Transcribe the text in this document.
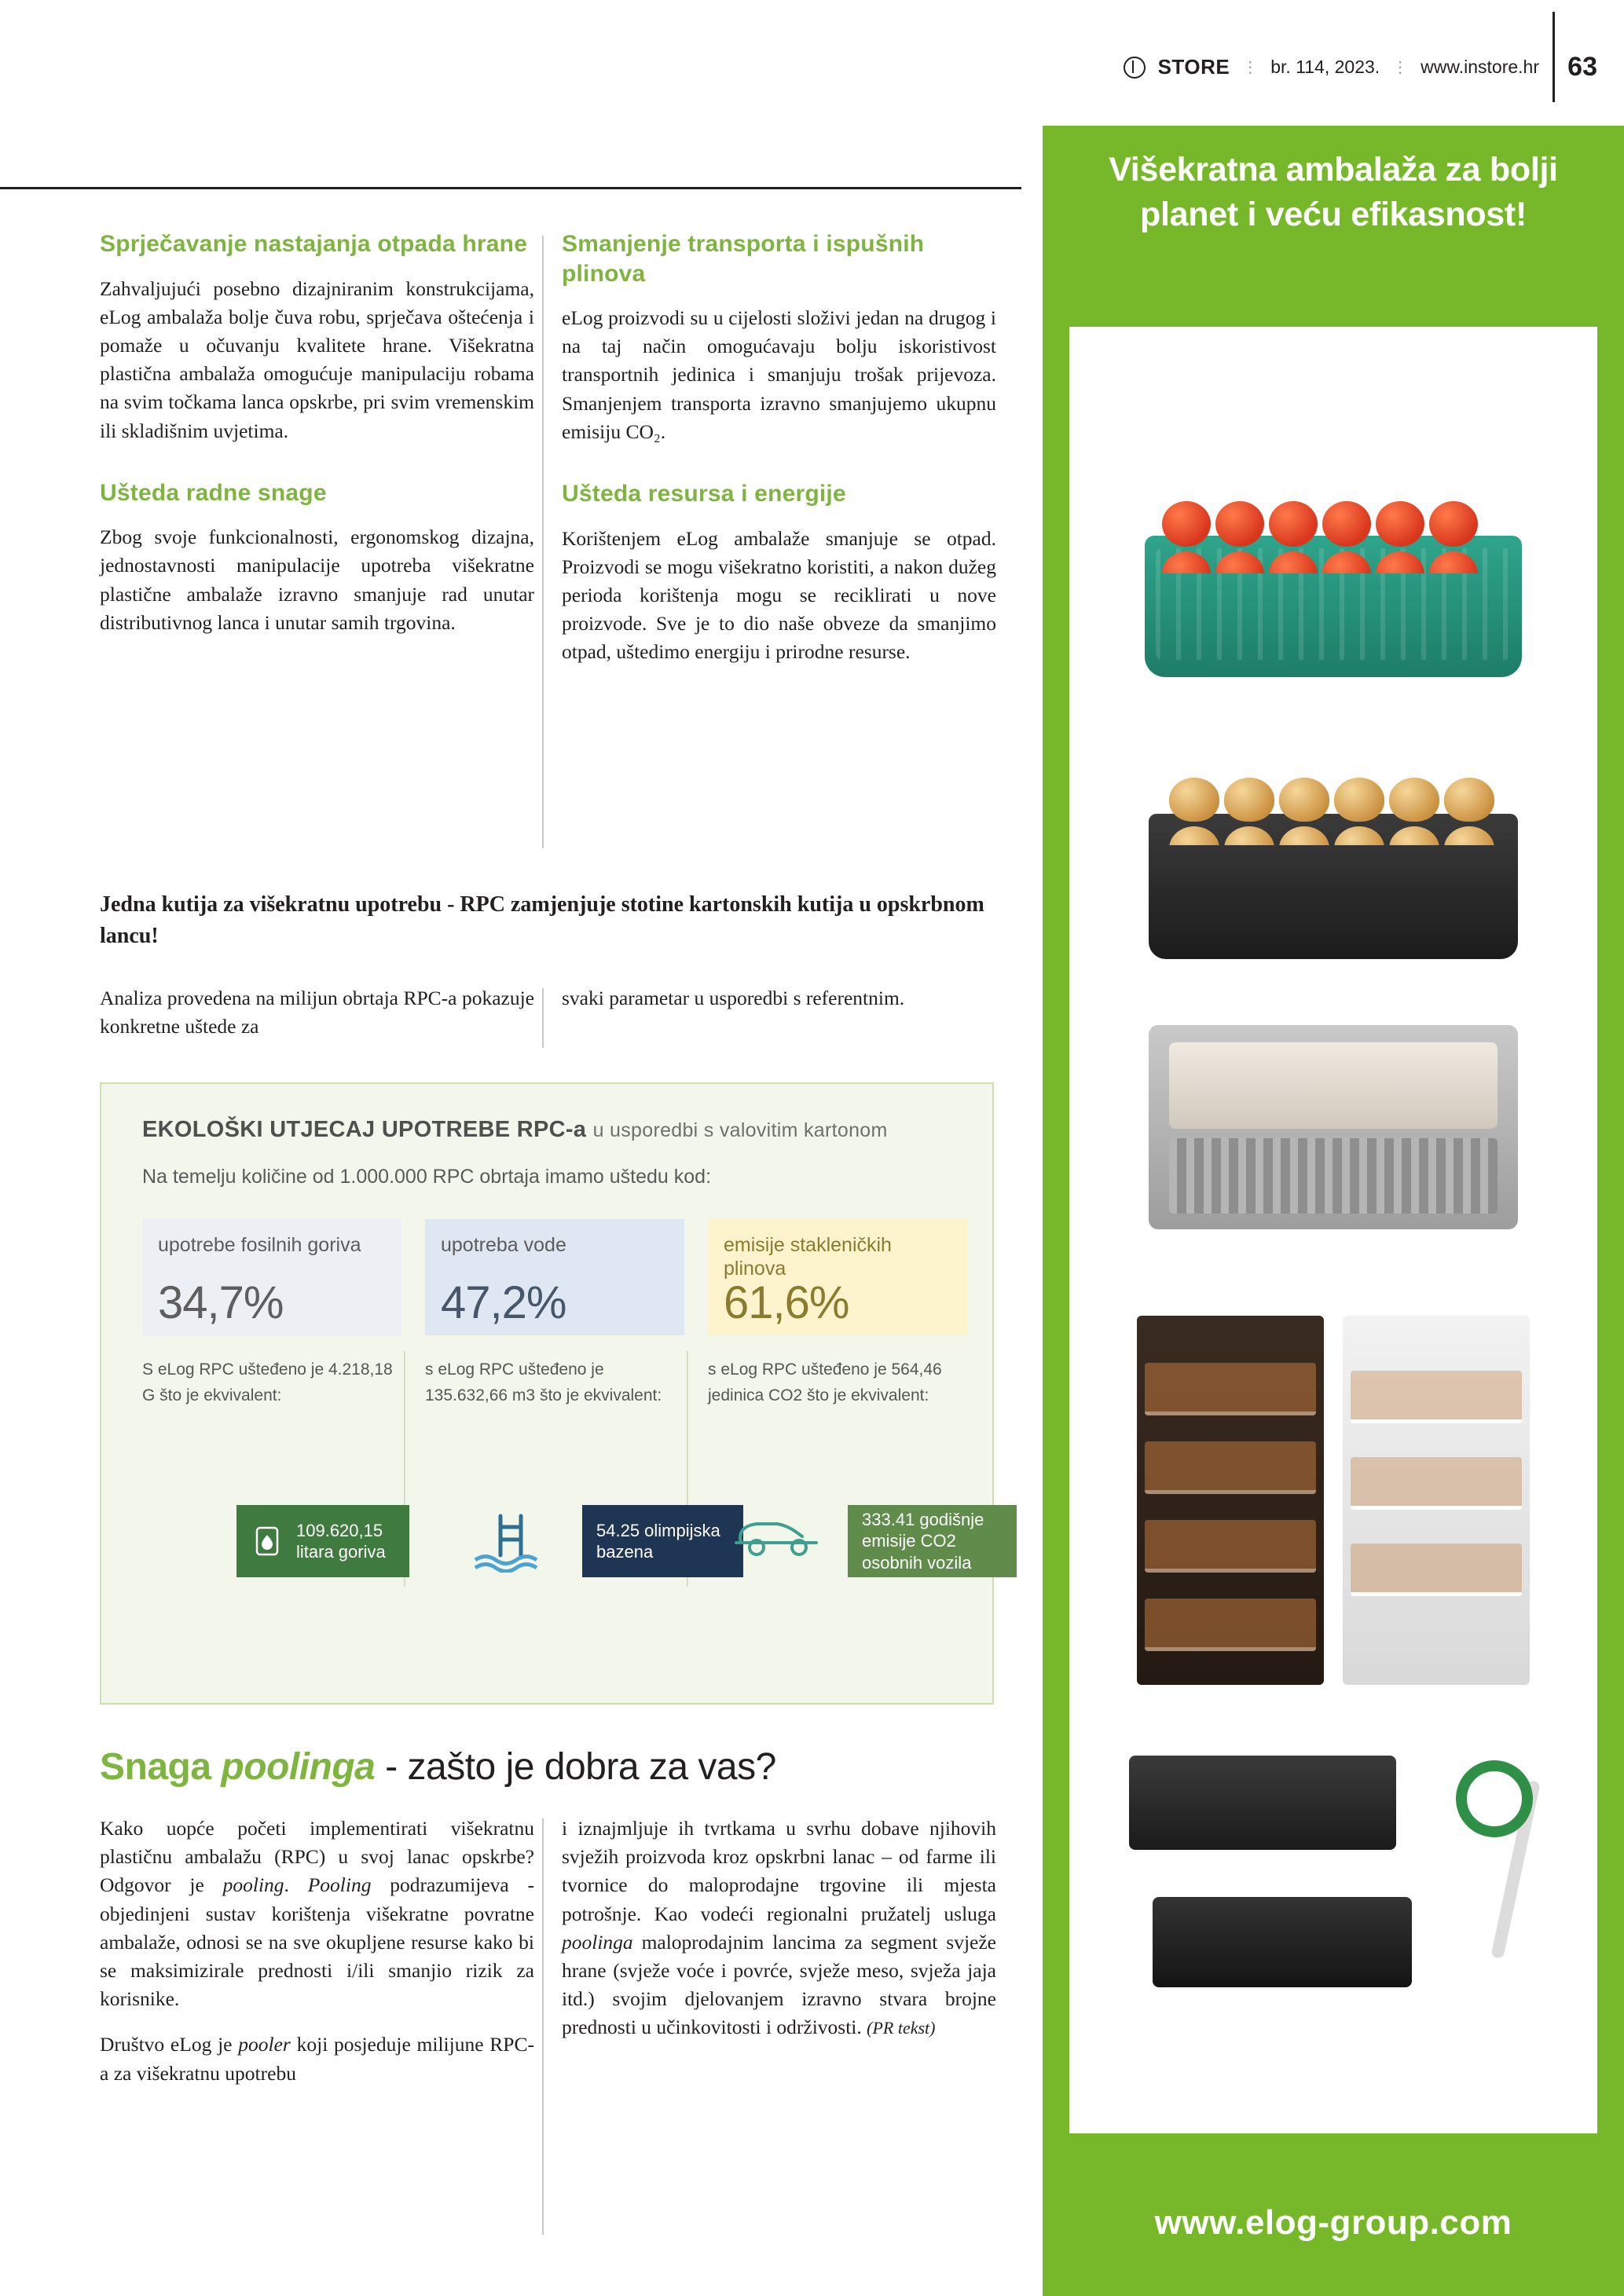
STORE ⋮ br. 114, 2023. ⋮ www.instore.hr 63
Sprječavanje nastajanja otpada hrane

Zahvaljujući posebno dizajniranim konstrukcijama, eLog ambalaža bolje čuva robu, sprječava oštećenja i pomaže u očuvanju kvalitete hrane. Višekratna plastična ambalaža omogućuje manipulaciju robama na svim točkama lanca opskrbe, pri svim vremenskim ili skladišnim uvjetima.

Ušteda radne snage

Zbog svoje funkcionalnosti, ergonomskog dizajna, jednostavnosti manipulacije upotreba višekratne plastične ambalaže izravno smanjuje rad unutar distributivnog lanca i unutar samih trgovina.

Smanjenje transporta i ispušnih plinova

eLog proizvodi su u cijelosti složivi jedan na drugog i na taj način omogućavaju bolju iskoristivost transportnih jedinica i smanjuju trošak prijevoza. Smanjenjem transporta izravno smanjujemo ukupnu emisiju CO₂.

Ušteda resursa i energije

Korištenjem eLog ambalaže smanjuje se otpad. Proizvodi se mogu višekratno koristiti, a nakon dužeg perioda korištenja mogu se reciklirati u nove proizvode. Sve je to dio naše obveze da smanjimo otpad, uštedimo energiju i prirodne resurse.

Jedna kutija za višekratnu upotrebu - RPC zamjenjuje stotine kartonskih kutija u opskrbnom lancu!
Analiza provedena na milijun obrtaja RPC-a pokazuje konkretne uštede za
svaki parametar u usporedbi s referentnim.
EKOLOŠKI UTJECAJ UPOTREBE RPC-a u usporedbi s valovitim kartonom
Na temelju količine od 1.000.000 RPC obrtaja imamo uštedu kod:
upotrebe fosilnih goriva
34,7%
upotreba vode
47,2%
emisije stakleničkih plinova
61,6%
S eLog RPC ušteđeno je 4.218,18 G što je ekvivalent:
s eLog RPC ušteđeno je 135.632,66 m3 što je ekvivalent:
s eLog RPC ušteđeno je 564,46 jedinica CO2 što je ekvivalent:
109.620,15 litara goriva
54.25 olimpijska bazena
333.41 godišnje emisije CO2 osobnih vozila
Snaga poolinga - zašto je dobra za vas?

Kako uopće početi implementirati višekratnu plastičnu ambalažu (RPC) u svoj lanac opskrbe? Odgovor je pooling. Pooling podrazumijeva - objedinjeni sustav korištenja višekratne povratne ambalaže, odnosi se na sve okupljene resurse kako bi se maksimizirale prednosti i/ili smanjio rizik za korisnike.

Društvo eLog je pooler koji posjeduje milijune RPC-a za višekratnu upotrebu

i iznajmljuje ih tvrtkama u svrhu dobave njihovih svježih proizvoda kroz opskrbni lanac – od farme ili tvornice do maloprodajne trgovine ili mjesta potrošnje. Kao vodeći regionalni pružatelj usluga poolinga maloprodajnim lancima za segment svježe hrane (svježe voće i povrće, svježe meso, svježa jaja itd.) svojim djelovanjem izravno stvara brojne prednosti u učinkovitosti i održivosti. (PR tekst)

Višekratna ambalaža za bolji planet i veću efikasnost!
www.elog-group.com
